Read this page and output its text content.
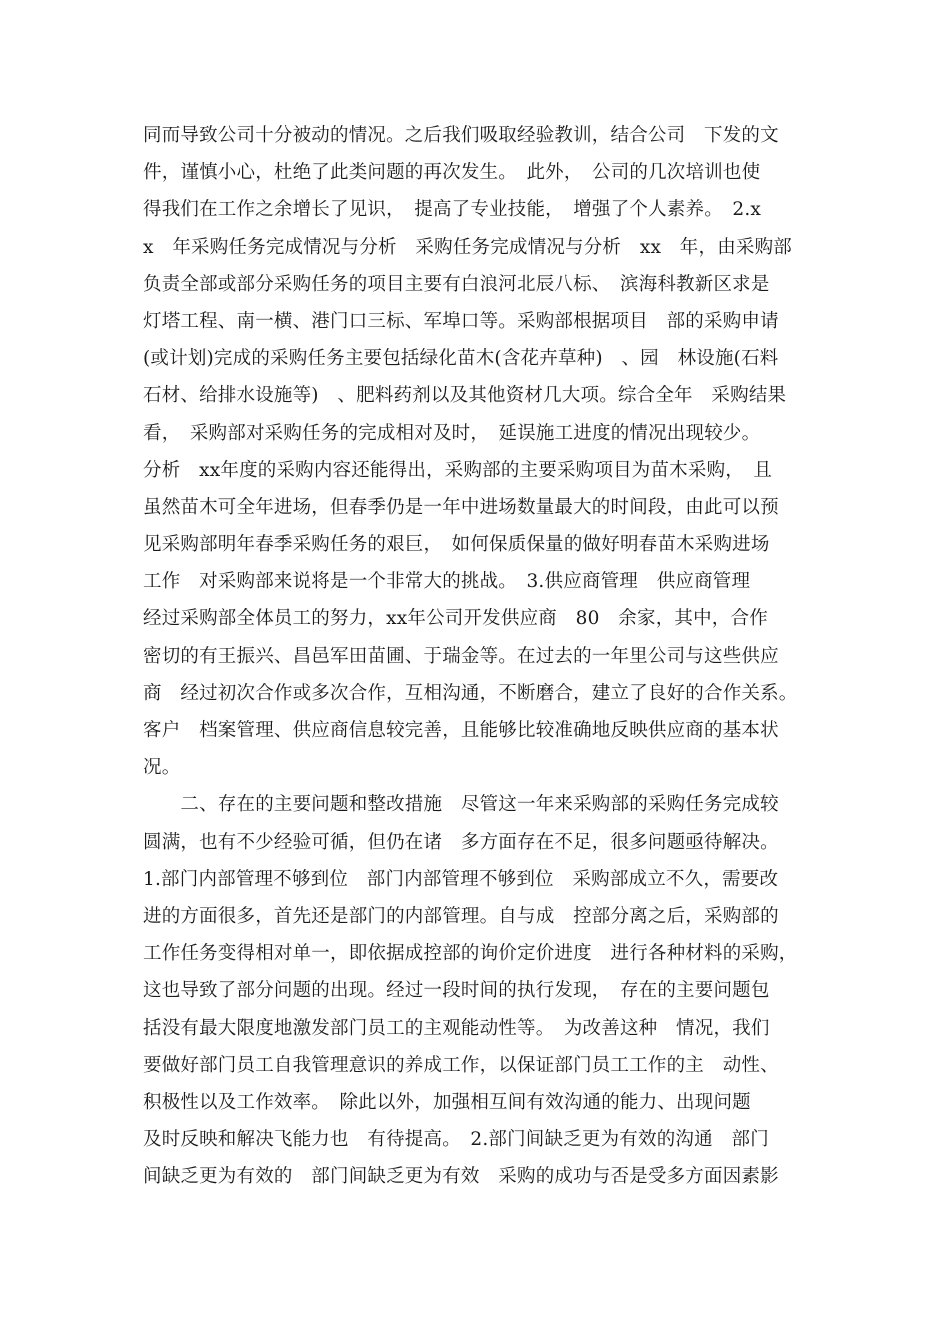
同而导致公司十分被动的情况。之后我们吸取经验教训，结合公司　下发的文
件，谨慎小心，杜绝了此类问题的再次发生。　此外，　公司的几次培训也使
得我们在工作之余增长了见识，　提高了专业技能，　增强了个人素养。　2.x
x　年采购任务完成情况与分析　采购任务完成情况与分析　xx　年，由采购部
负责全部或部分采购任务的项目主要有白浪河北辰八标、　滨海科教新区求是
灯塔工程、南一横、港门口三标、军埠口等。采购部根据项目　部的采购申请
(或计划)完成的采购任务主要包括绿化苗木(含花卉草种)　、园　林设施(石料
石材、给排水设施等)　、肥料药剂以及其他资材几大项。综合全年　采购结果
看，　采购部对采购任务的完成相对及时，　延误施工进度的情况出现较少。
分析　xx年度的采购内容还能得出，采购部的主要采购项目为苗木采购，　且
虽然苗木可全年进场，但春季仍是一年中进场数量最大的时间段，由此可以预
见采购部明年春季采购任务的艰巨，　如何保质保量的做好明春苗木采购进场
工作　对采购部来说将是一个非常大的挑战。　3.供应商管理　供应商管理
经过采购部全体员工的努力，xx年公司开发供应商　80　余家，其中，合作
密切的有王振兴、昌邑军田苗圃、于瑞金等。在过去的一年里公司与这些供应
商　经过初次合作或多次合作，互相沟通，不断磨合，建立了良好的合作关系。
客户　档案管理、供应商信息较完善，且能够比较准确地反映供应商的基本状
况。
　　二、存在的主要问题和整改措施　尽管这一年来采购部的采购任务完成较
圆满，也有不少经验可循，但仍在诸　多方面存在不足，很多问题亟待解决。
1.部门内部管理不够到位　部门内部管理不够到位　采购部成立不久，需要改
进的方面很多，首先还是部门的内部管理。自与成　控部分离之后，采购部的
工作任务变得相对单一，即依据成控部的询价定价进度　进行各种材料的采购，
这也导致了部分问题的出现。经过一段时间的执行发现，　存在的主要问题包
括没有最大限度地激发部门员工的主观能动性等。　为改善这种　情况，我们
要做好部门员工自我管理意识的养成工作，以保证部门员工工作的主　动性、
积极性以及工作效率。　除此以外，加强相互间有效沟通的能力、出现问题
及时反映和解决飞能力也　有待提高。　2.部门间缺乏更为有效的沟通　部门
间缺乏更为有效的　部门间缺乏更为有效　采购的成功与否是受多方面因素影
